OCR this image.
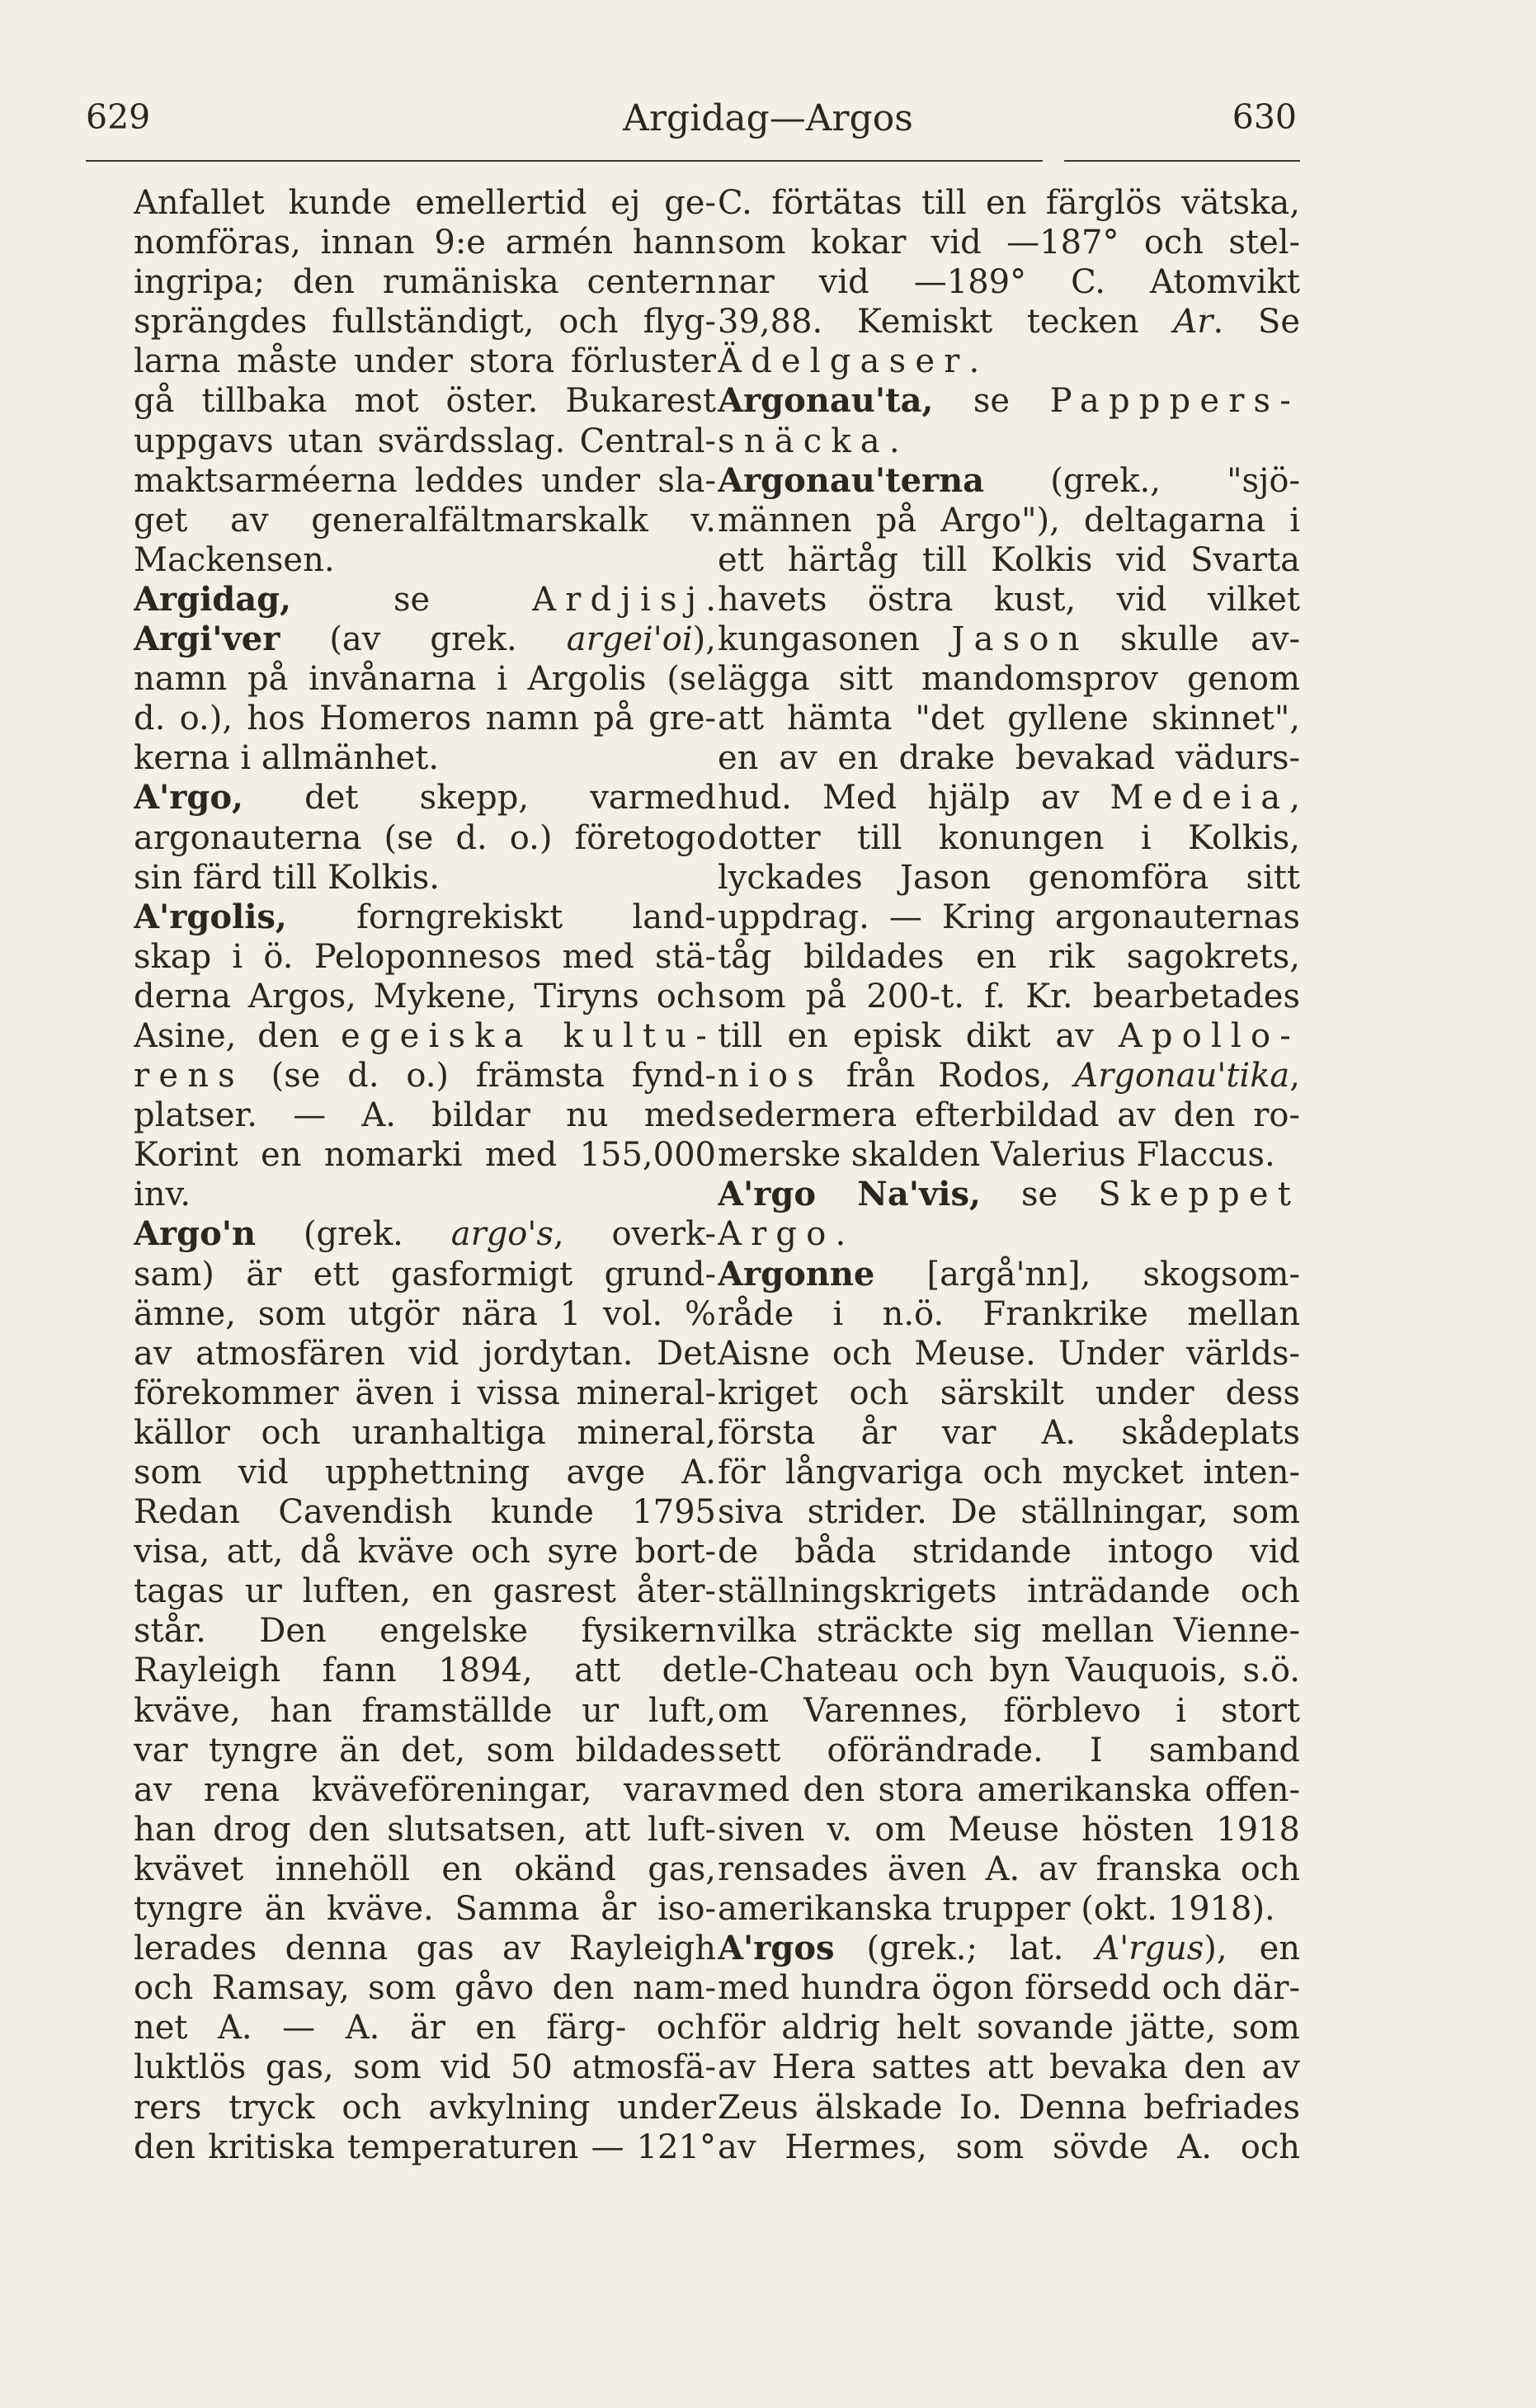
629	Argidag—Argos	630
Anfallet kunde emellertid ej ge-
nomföras, innan 9:e armén hann
ingripa; den rumäniska centern
sprängdes fullständigt, och flyg-
larna måste under stora förluster
gå tillbaka mot öster. Bukarest
uppgavs utan svärdsslag. Central-
maktsarméerna leddes under sla-
get av generalfältmarskalk v.
Mackensen.
Argidag, se Ardjisj.
Argi'ver (av grek. argei'oi),
namn på invånarna i Argolis (se
d. o.), hos Homeros namn på gre-
kerna i allmänhet.
A'rgo, det skepp, varmed
argonauterna (se d. o.) företogo
sin färd till Kolkis.
A'rgolis, forngrekiskt land-
skap i ö. Peloponnesos med stä-
derna Argos, Mykene, Tiryns och
Asine, den egeiska kultu-
rens (se d. o.) främsta fynd-
platser. — A. bildar nu med
Korint en nomarki med 155,000
inv.
Argo'n (grek. argo's, overk-
sam) är ett gasformigt grund-
ämne, som utgör nära 1 vol. %
av atmosfären vid jordytan. Det
förekommer även i vissa mineral-
källor och uranhaltiga mineral,
som vid upphettning avge A.
Redan Cavendish kunde 1795
visa, att, då kväve och syre bort-
tagas ur luften, en gasrest åter-
står. Den engelske fysikern
Rayleigh fann 1894, att det
kväve, han framställde ur luft,
var tyngre än det, som bildades
av rena kväveföreningar, varav
han drog den slutsatsen, att luft-
kvävet innehöll en okänd gas,
tyngre än kväve. Samma år iso-
lerades denna gas av Rayleigh
och Ramsay, som gåvo den nam-
net A. — A. är en färg- och
luktlös gas, som vid 50 atmosfä-
rers tryck och avkylning under
den kritiska temperaturen — 121°
C. förtätas till en färglös vätska,
som kokar vid —187° och stel-
nar vid —189° C. Atomvikt
39,88. Kemiskt tecken Ar. Se
Ädelgaser.
Argonau'ta, se Papppers-
snäcka.
Argonau'terna (grek., "sjö-
männen på Argo"), deltagarna i
ett härtåg till Kolkis vid Svarta
havets östra kust, vid vilket
kungasonen Jason skulle av-
lägga sitt mandomsprov genom
att hämta "det gyllene skinnet",
en av en drake bevakad vädurs-
hud. Med hjälp av Medeia,
dotter till konungen i Kolkis,
lyckades Jason genomföra sitt
uppdrag. — Kring argonauternas
tåg bildades en rik sagokrets,
som på 200-t. f. Kr. bearbetades
till en episk dikt av Apollo-
nios från Rodos, Argonau'tika,
sedermera efterbildad av den ro-
merske skalden Valerius Flaccus.
A'rgo Na'vis, se Skeppet
Argo.
Argonne [argå'nn], skogsom-
råde i n.ö. Frankrike mellan
Aisne och Meuse. Under världs-
kriget och särskilt under dess
första år var A. skådeplats
för långvariga och mycket inten-
siva strider. De ställningar, som
de båda stridande intogo vid
ställningskrigets inträdande och
vilka sträckte sig mellan Vienne-
le-Chateau och byn Vauquois, s.ö.
om Varennes, förblevo i stort
sett oförändrade. I samband
med den stora amerikanska offen-
siven v. om Meuse hösten 1918
rensades även A. av franska och
amerikanska trupper (okt. 1918).
A'rgos (grek.; lat. A'rgus), en
med hundra ögon försedd och där-
för aldrig helt sovande jätte, som
av Hera sattes att bevaka den av
Zeus älskade Io. Denna befriades
av Hermes, som sövde A. och
